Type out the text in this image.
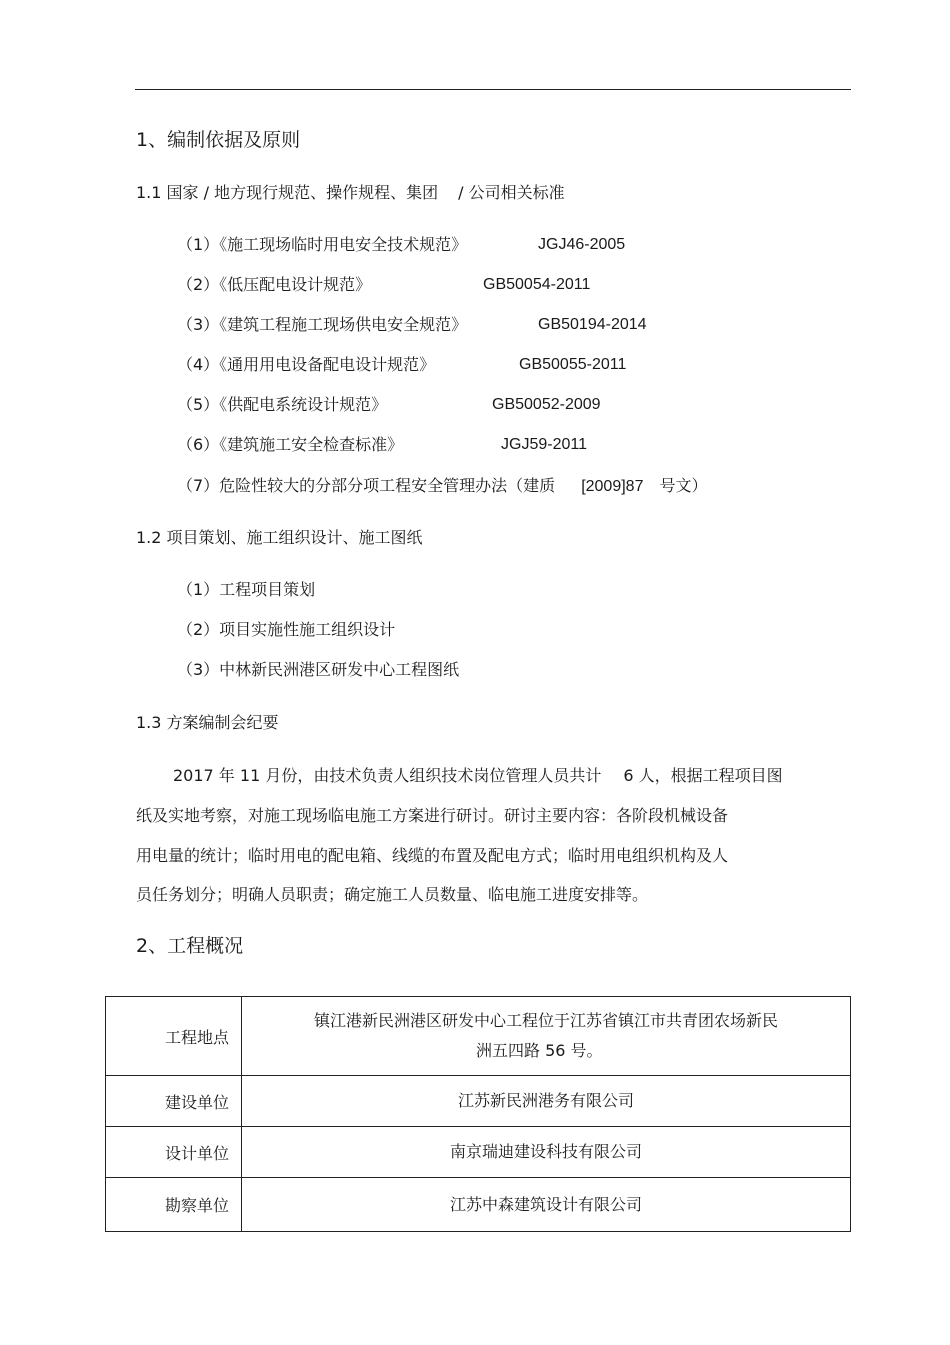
1、编制依据及原则
1.1 国家 / 地方现行规范、操作规程、集团 / 公司相关标准
（1）《施工现场临时用电安全技术规范》	JGJ46-2005
（2）《低压配电设计规范》	GB50054-2011
（3）《建筑工程施工现场供电安全规范》	GB50194-2014
（4）《通用用电设备配电设计规范》	GB50055-2011
（5）《供配电系统设计规范》	GB50052-2009
（6）《建筑施工安全检查标准》	JGJ59-2011
（7）危险性较大的分部分项工程安全管理办法（建质 [2009]87 号文）
1.2 项目策划、施工组织设计、施工图纸
（1）工程项目策划
（2）项目实施性施工组织设计
（3）中林新民洲港区研发中心工程图纸
1.3 方案编制会纪要
2017 年 11 月份，由技术负责人组织技术岗位管理人员共计 6 人，根据工程项目图
纸及实地考察，对施工现场临电施工方案进行研讨。研讨主要内容：各阶段机械设备
用电量的统计；临时用电的配电箱、线缆的布置及配电方式；临时用电组织机构及人
员任务划分；明确人员职责；确定施工人员数量、临电施工进度安排等。
2、工程概况
工程地点	镇江港新民洲港区研发中心工程位于江苏省镇江市共青团农场新民
洲五四路 56 号。

建设单位	江苏新民洲港务有限公司
设计单位	南京瑞迪建设科技有限公司
勘察单位	江苏中森建筑设计有限公司
